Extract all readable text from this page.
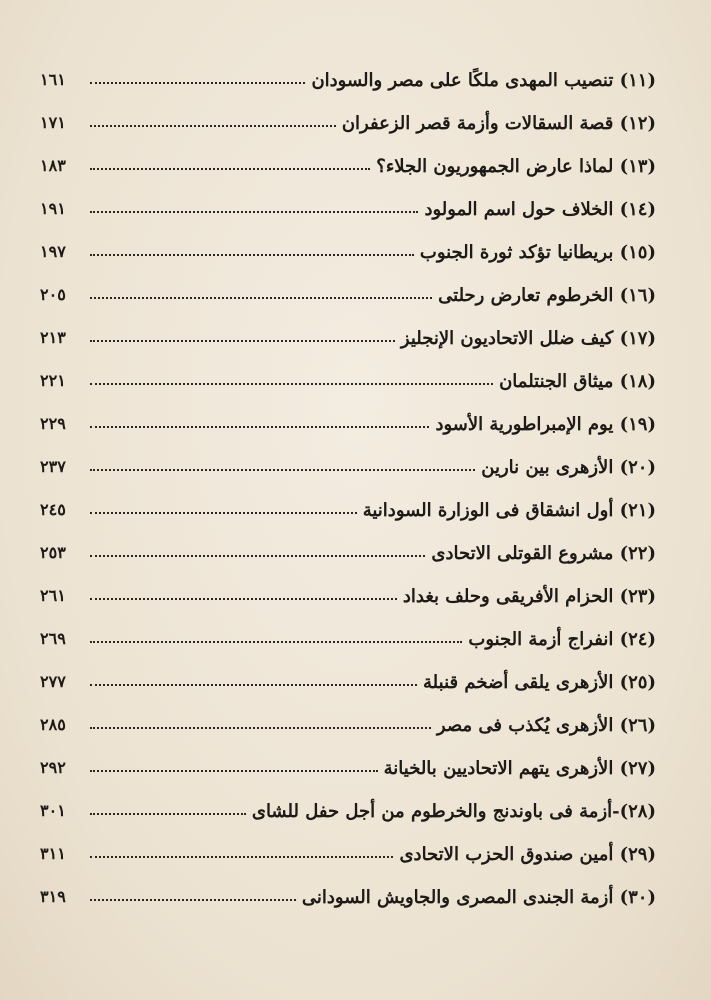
(١١) تنصيب المهدى ملكًا على مصر والسودان
١٦١
(١٢) قصة السقالات وأزمة قصر الزعفران
١٧١
(١٣) لماذا عارض الجمهوريون الجلاء؟
١٨٣
(١٤) الخلاف حول اسم المولود
١٩١
(١٥) بريطانيا تؤكد ثورة الجنوب
١٩٧
(١٦) الخرطوم تعارض رحلتى
٢٠٥
(١٧) كيف ضلل الاتحاديون الإنجليز
٢١٣
(١٨) ميثاق الجنتلمان
٢٢١
(١٩) يوم الإمبراطورية الأسود
٢٢٩
(٢٠) الأزهرى بين نارين
٢٣٧
(٢١) أول انشقاق فى الوزارة السودانية
٢٤٥
(٢٢) مشروع القوتلى الاتحادى
٢٥٣
(٢٣) الحزام الأفريقى وحلف بغداد
٢٦١
(٢٤) انفراج أزمة الجنوب
٢٦٩
(٢٥) الأزهرى يلقى أضخم قنبلة
٢٧٧
(٢٦) الأزهرى يُكذب فى مصر
٢٨٥
(٢٧) الأزهرى يتهم الاتحاديين بالخيانة
٢٩٢
(٢٨)-أزمة فى باوندنج والخرطوم من أجل حفل للشاى
٣٠١
(٢٩) أمين صندوق الحزب الاتحادى
٣١١
(٣٠) أزمة الجندى المصرى والجاويش السودانى
٣١٩
